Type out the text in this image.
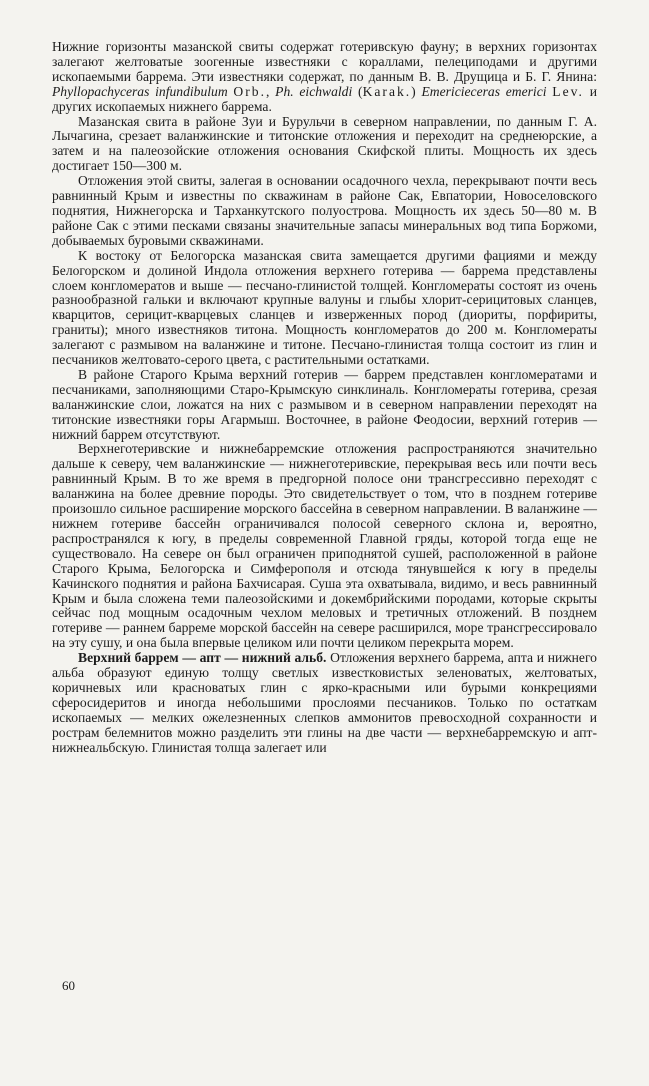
Нижние горизонты мазанской свиты содержат готеривскую фауну; в верхних горизонтах залегают желтоватые зоогенные известняки с кораллами, пелециподами и другими ископаемыми баррема. Эти известняки содержат, по данным В. В. Друщица и Б. Г. Янина: Phyllopachyceras infundibulum Orb., Ph. eichwaldi (Karak.) Emericieceras emerici Lev. и других ископаемых нижнего баррема.

Мазанская свита в районе Зуи и Бурульчи в северном направлении, по данным Г. А. Лычагина, срезает валанжинские и титонские отложения и переходит на среднеюрские, а затем и на палеозойские отложения основания Скифской плиты. Мощность их здесь достигает 150—300 м.

Отложения этой свиты, залегая в основании осадочного чехла, перекрывают почти весь равнинный Крым и известны по скважинам в районе Сак, Евпатории, Новоселовского поднятия, Нижнегорска и Тарханкутского полуострова. Мощность их здесь 50—80 м. В районе Сак с этими песками связаны значительные запасы минеральных вод типа Боржоми, добываемых буровыми скважинами.

К востоку от Белогорска мазанская свита замещается другими фациями и между Белогорском и долиной Индола отложения верхнего готерива — баррема представлены слоем конгломератов и выше — песчано-глинистой толщей. Конгломераты состоят из очень разнообразной гальки и включают крупные валуны и глыбы хлорит-серицитовых сланцев, кварцитов, серицит-кварцевых сланцев и изверженных пород (диориты, порфириты, граниты); много известняков титона. Мощность конгломератов до 200 м. Конгломераты залегают с размывом на валанжине и титоне. Песчано-глинистая толща состоит из глин и песчаников желтовато-серого цвета, с растительными остатками.

В районе Старого Крыма верхний готерив — баррем представлен конгломератами и песчаниками, заполняющими Старо-Крымскую синклиналь. Конгломераты готерива, срезая валанжинские слои, ложатся на них с размывом и в северном направлении переходят на титонские известняки горы Агармыш. Восточнее, в районе Феодосии, верхний готерив — нижний баррем отсутствуют.

Верхнеготеривские и нижнебарремские отложения распространяются значительно дальше к северу, чем валанжинские — нижнеготеривские, перекрывая весь или почти весь равнинный Крым. В то же время в предгорной полосе они трансгрессивно переходят с валанжина на более древние породы. Это свидетельствует о том, что в позднем готериве произошло сильное расширение морского бассейна в северном направлении. В валанжине — нижнем готериве бассейн ограничивался полосой северного склона и, вероятно, распространялся к югу, в пределы современной Главной гряды, которой тогда еще не существовало. На севере он был ограничен приподнятой сушей, расположенной в районе Старого Крыма, Белогорска и Симферополя и отсюда тянувшейся к югу в пределы Качинского поднятия и района Бахчисарая. Суша эта охватывала, видимо, и весь равнинный Крым и была сложена теми палеозойскими и докембрийскими породами, которые скрыты сейчас под мощным осадочным чехлом меловых и третичных отложений. В позднем готериве — раннем барреме морской бассейн на севере расширился, море трансгрессировало на эту сушу, и она была впервые целиком или почти целиком перекрыта морем.

Верхний баррем — апт — нижний альб. Отложения верхнего баррема, апта и нижнего альба образуют единую толщу светлых известковистых зеленоватых, желтоватых, коричневых или красноватых глин с ярко-красными или бурыми конкрециями сферосидеритов и иногда небольшими прослоями песчаников. Только по остаткам ископаемых — мелких ожелезненных слепков аммонитов превосходной сохранности и рострам белемнитов можно разделить эти глины на две части — верхнебарремскую и апт-нижнеальбскую. Глинистая толща залегает или

60
